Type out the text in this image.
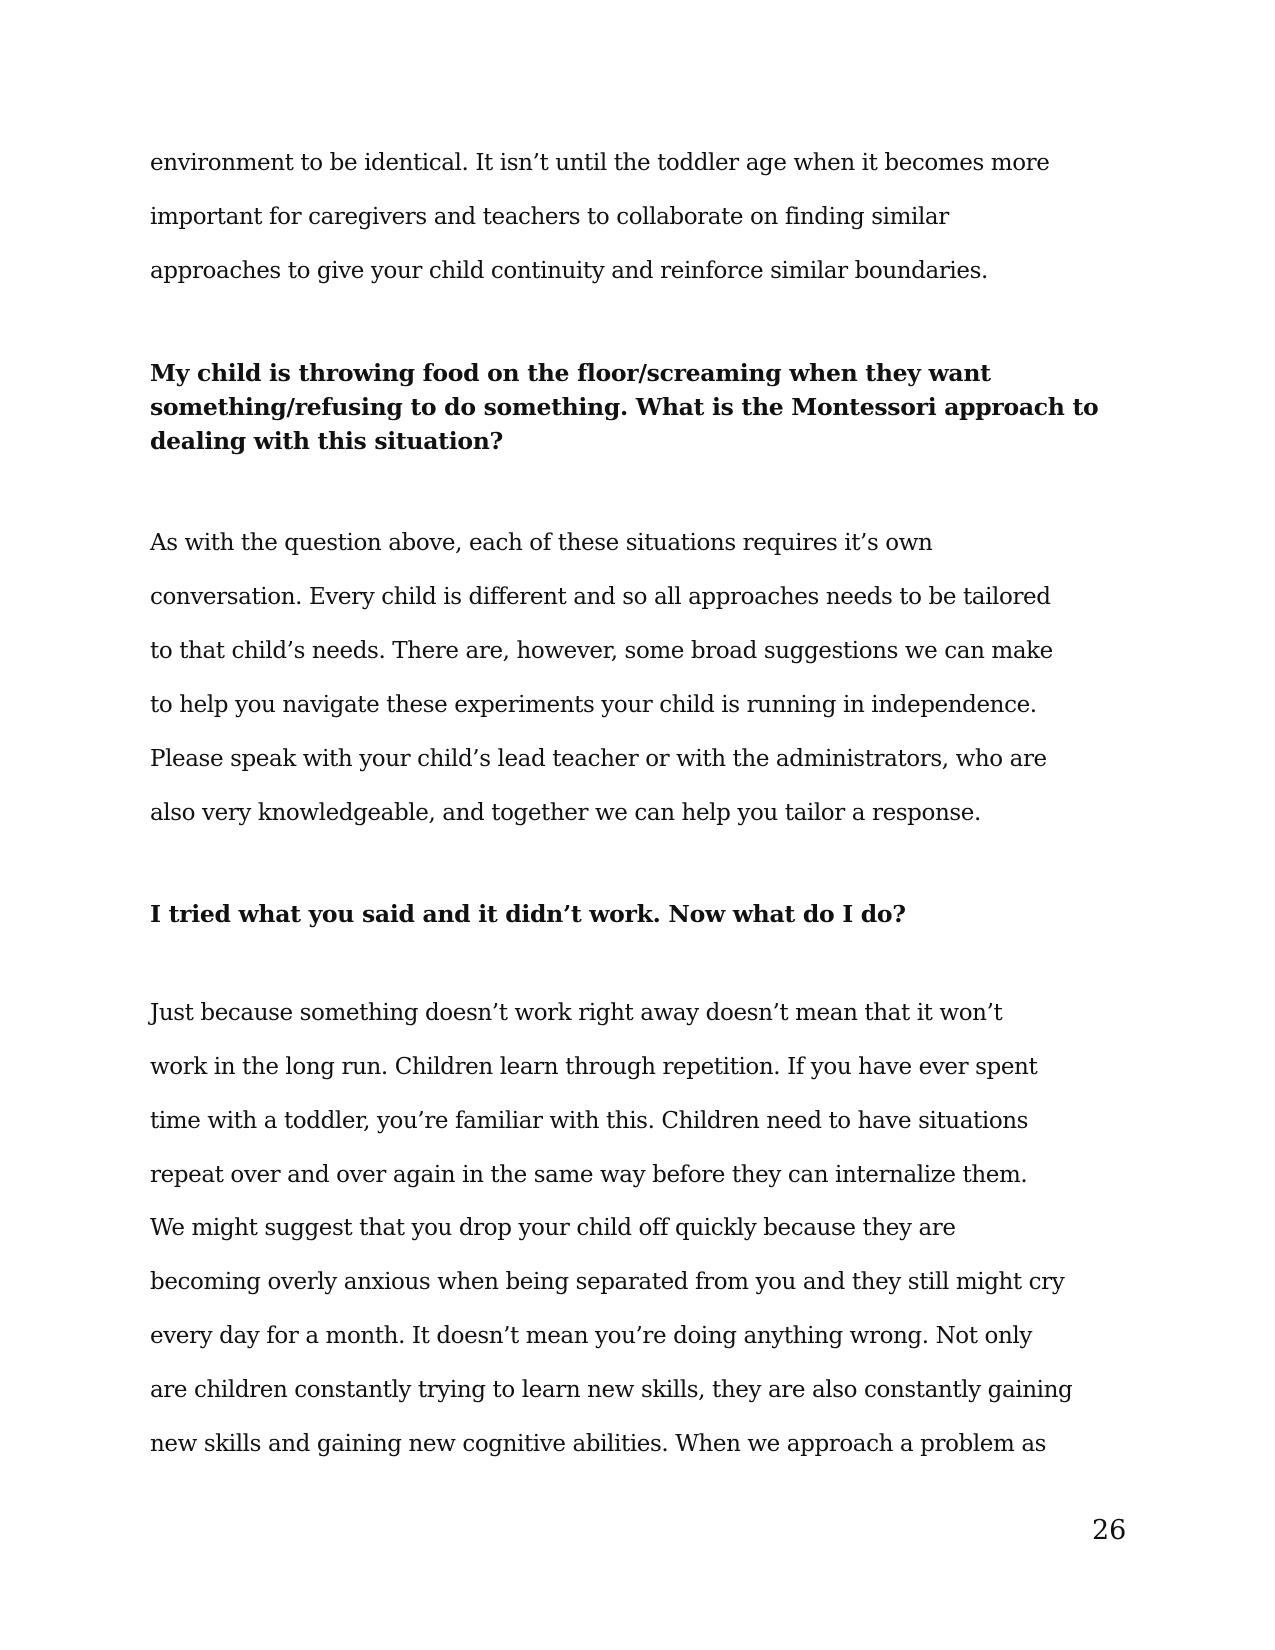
environment to be identical. It isn’t until the toddler age when it becomes more
important for caregivers and teachers to collaborate on finding similar
approaches to give your child continuity and reinforce similar boundaries.
My child is throwing food on the floor/screaming when they want
something/refusing to do something. What is the Montessori approach to
dealing with this situation?
As with the question above, each of these situations requires it’s own
conversation. Every child is different and so all approaches needs to be tailored
to that child’s needs. There are, however, some broad suggestions we can make
to help you navigate these experiments your child is running in independence.
Please speak with your child’s lead teacher or with the administrators, who are
also very knowledgeable, and together we can help you tailor a response.
I tried what you said and it didn’t work. Now what do I do?
Just because something doesn’t work right away doesn’t mean that it won’t
work in the long run. Children learn through repetition. If you have ever spent
time with a toddler, you’re familiar with this. Children need to have situations
repeat over and over again in the same way before they can internalize them.
We might suggest that you drop your child off quickly because they are
becoming overly anxious when being separated from you and they still might cry
every day for a month. It doesn’t mean you’re doing anything wrong. Not only
are children constantly trying to learn new skills, they are also constantly gaining
new skills and gaining new cognitive abilities. When we approach a problem as
26
